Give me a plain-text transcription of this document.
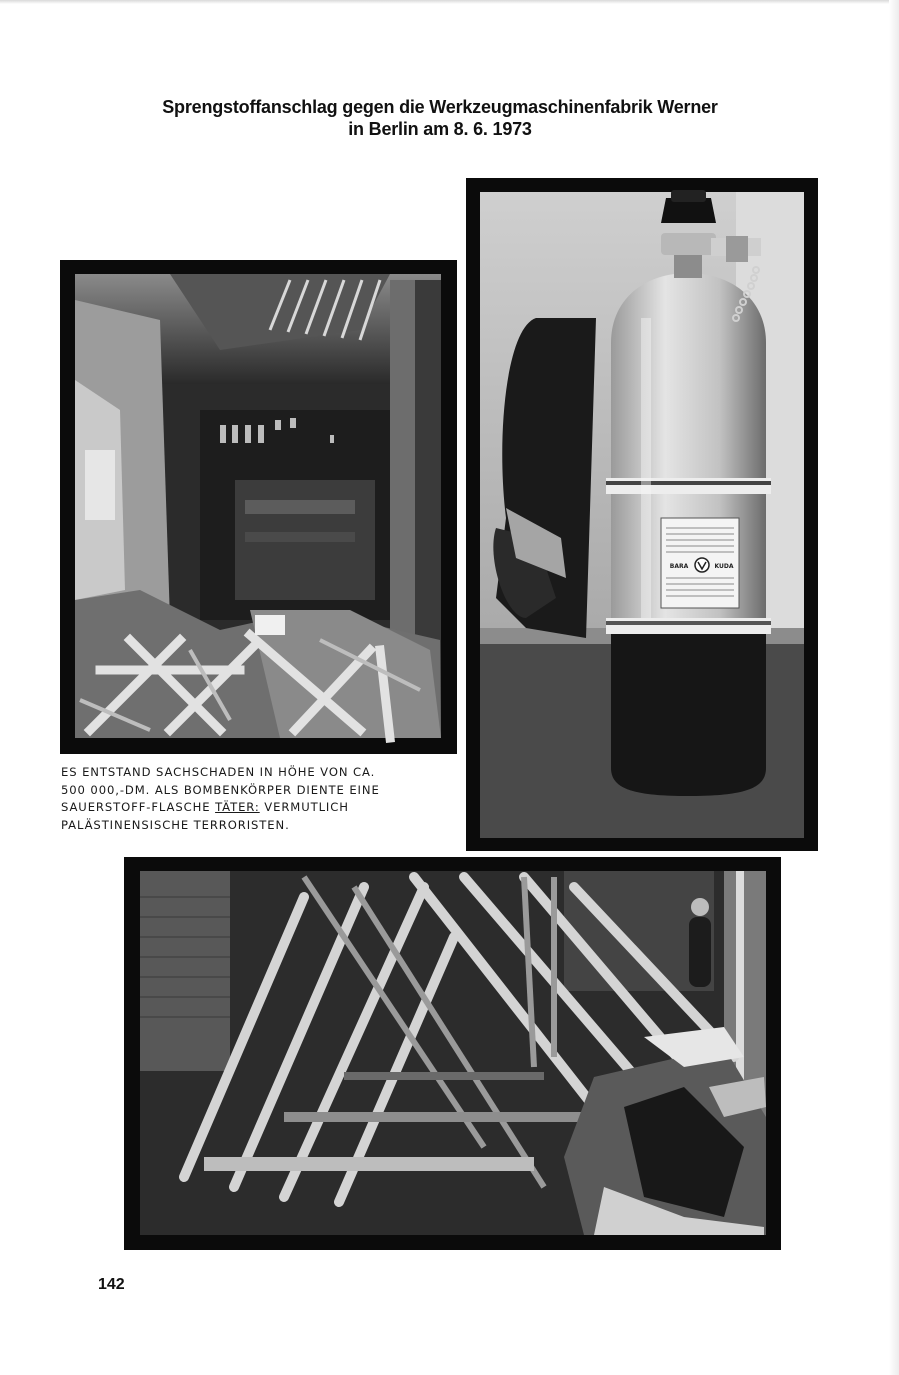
Sprengstoffanschlag gegen die Werkzeugmaschinenfabrik Werner
in Berlin am 8. 6. 1973
BARA	KUDA
ES ENTSTAND SACHSCHADEN IN HÖHE VON CA.
500 000,-DM. ALS BOMBENKÖRPER DIENTE EINE
SAUERSTOFF-FLASCHE TÄTER: VERMUTLICH
PALÄSTINENSISCHE TERRORISTEN.
142
